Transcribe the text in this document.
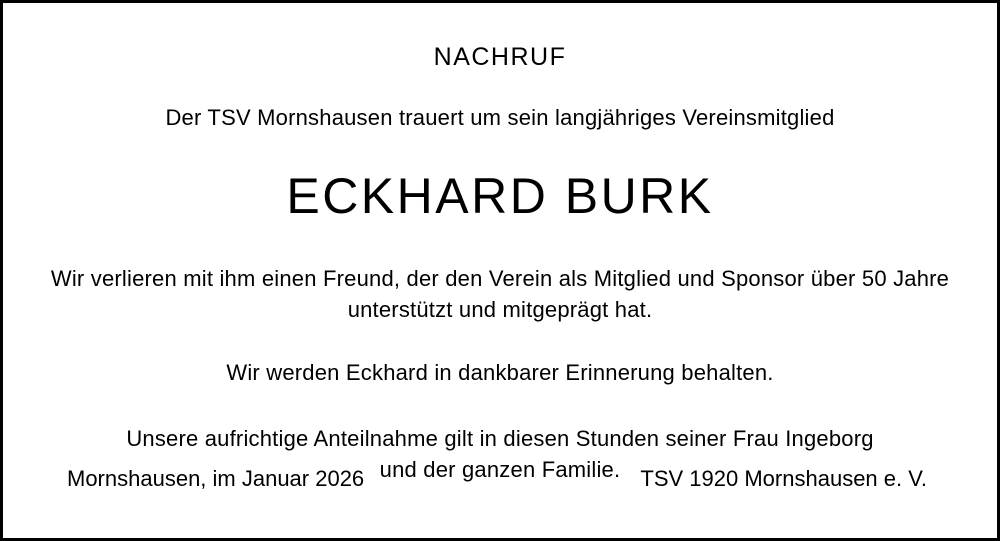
NACHRUF
Der TSV Mornshausen trauert um sein langjähriges Vereinsmitglied
ECKHARD BURK
Wir verlieren mit ihm einen Freund, der den Verein als Mitglied und Sponsor über 50 Jahre
unterstützt und mitgeprägt hat.
Wir werden Eckhard in dankbarer Erinnerung behalten.
Unsere aufrichtige Anteilnahme gilt in diesen Stunden seiner Frau Ingeborg
und der ganzen Familie.
Mornshausen, im Januar 2026	TSV 1920 Mornshausen e. V.
